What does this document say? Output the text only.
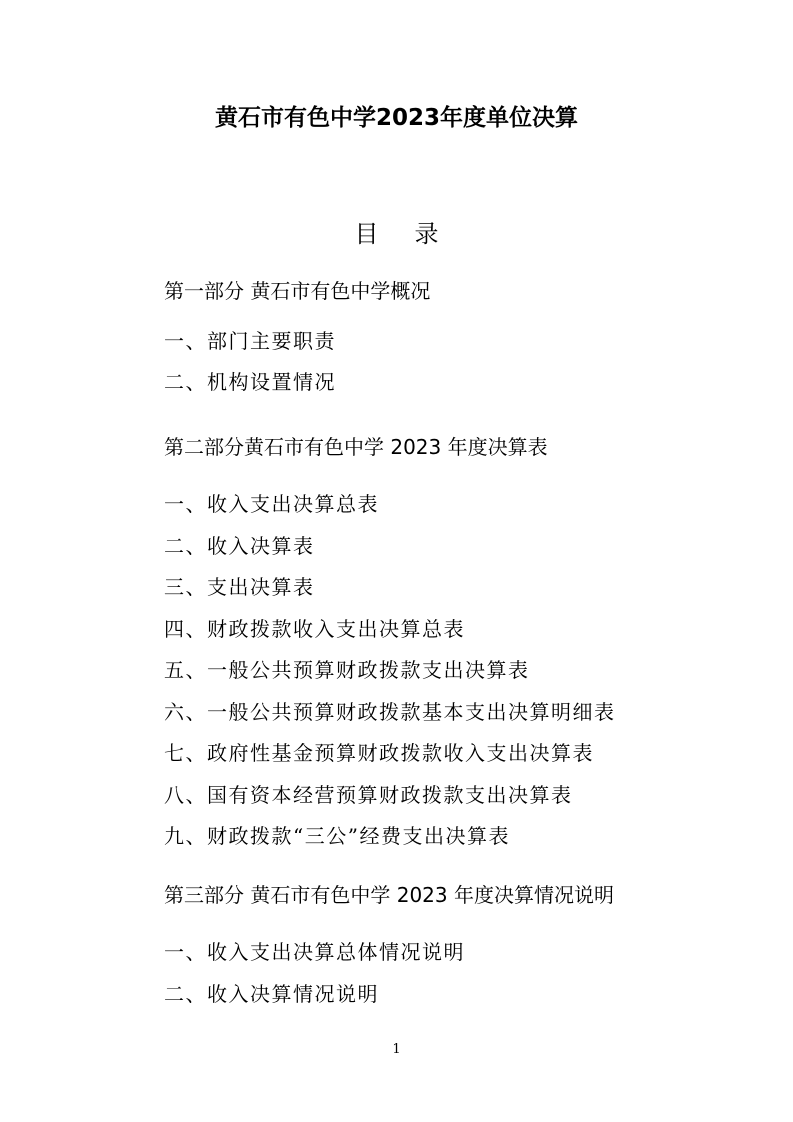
黄石市有色中学2023年度单位决算
目录
第一部分 黄石市有色中学概况
一、部门主要职责
二、机构设置情况
第二部分黄石市有色中学 2023 年度决算表
一、收入支出决算总表
二、收入决算表
三、支出决算表
四、财政拨款收入支出决算总表
五、一般公共预算财政拨款支出决算表
六、一般公共预算财政拨款基本支出决算明细表
七、政府性基金预算财政拨款收入支出决算表
八、国有资本经营预算财政拨款支出决算表
九、财政拨款“三公”经费支出决算表
第三部分 黄石市有色中学 2023 年度决算情况说明
一、收入支出决算总体情况说明
二、收入决算情况说明
1
